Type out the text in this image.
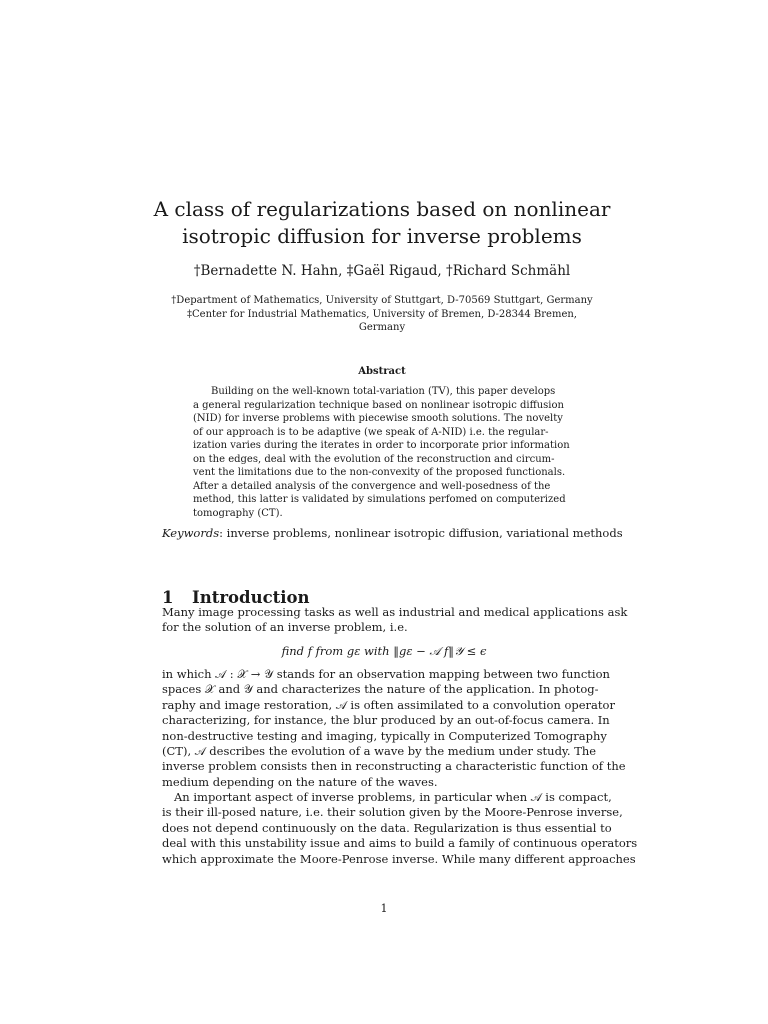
A class of regularizations based on nonlinear
isotropic diffusion for inverse problems
†Bernadette N. Hahn, ‡Gaël Rigaud, †Richard Schmähl
†Department of Mathematics, University of Stuttgart, D-70569 Stuttgart, Germany
‡Center for Industrial Mathematics, University of Bremen, D-28344 Bremen,
Germany
Abstract
Building on the well-known total-variation (TV), this paper develops
a general regularization technique based on nonlinear isotropic diffusion
(NID) for inverse problems with piecewise smooth solutions. The novelty
of our approach is to be adaptive (we speak of A-NID) i.e. the regular-
ization varies during the iterates in order to incorporate prior information
on the edges, deal with the evolution of the reconstruction and circum-
vent the limitations due to the non-convexity of the proposed functionals.
After a detailed analysis of the convergence and well-posedness of the
method, this latter is validated by simulations perfomed on computerized
tomography (CT).
Keywords: inverse problems, nonlinear isotropic diffusion, variational methods
1 Introduction
Many image processing tasks as well as industrial and medical applications ask
for the solution of an inverse problem, i.e.
find f from gε with ‖gε − 𝒜 f‖𝒴 ≤ ϵ
in which 𝒜 : 𝒳 → 𝒴 stands for an observation mapping between two function
spaces 𝒳 and 𝒴 and characterizes the nature of the application. In photog-
raphy and image restoration, 𝒜 is often assimilated to a convolution operator
characterizing, for instance, the blur produced by an out-of-focus camera. In
non-destructive testing and imaging, typically in Computerized Tomography
(CT), 𝒜 describes the evolution of a wave by the medium under study. The
inverse problem consists then in reconstructing a characteristic function of the
medium depending on the nature of the waves.
An important aspect of inverse problems, in particular when 𝒜 is compact,
is their ill-posed nature, i.e. their solution given by the Moore-Penrose inverse,
does not depend continuously on the data. Regularization is thus essential to
deal with this unstability issue and aims to build a family of continuous operators
which approximate the Moore-Penrose inverse. While many different approaches
1
